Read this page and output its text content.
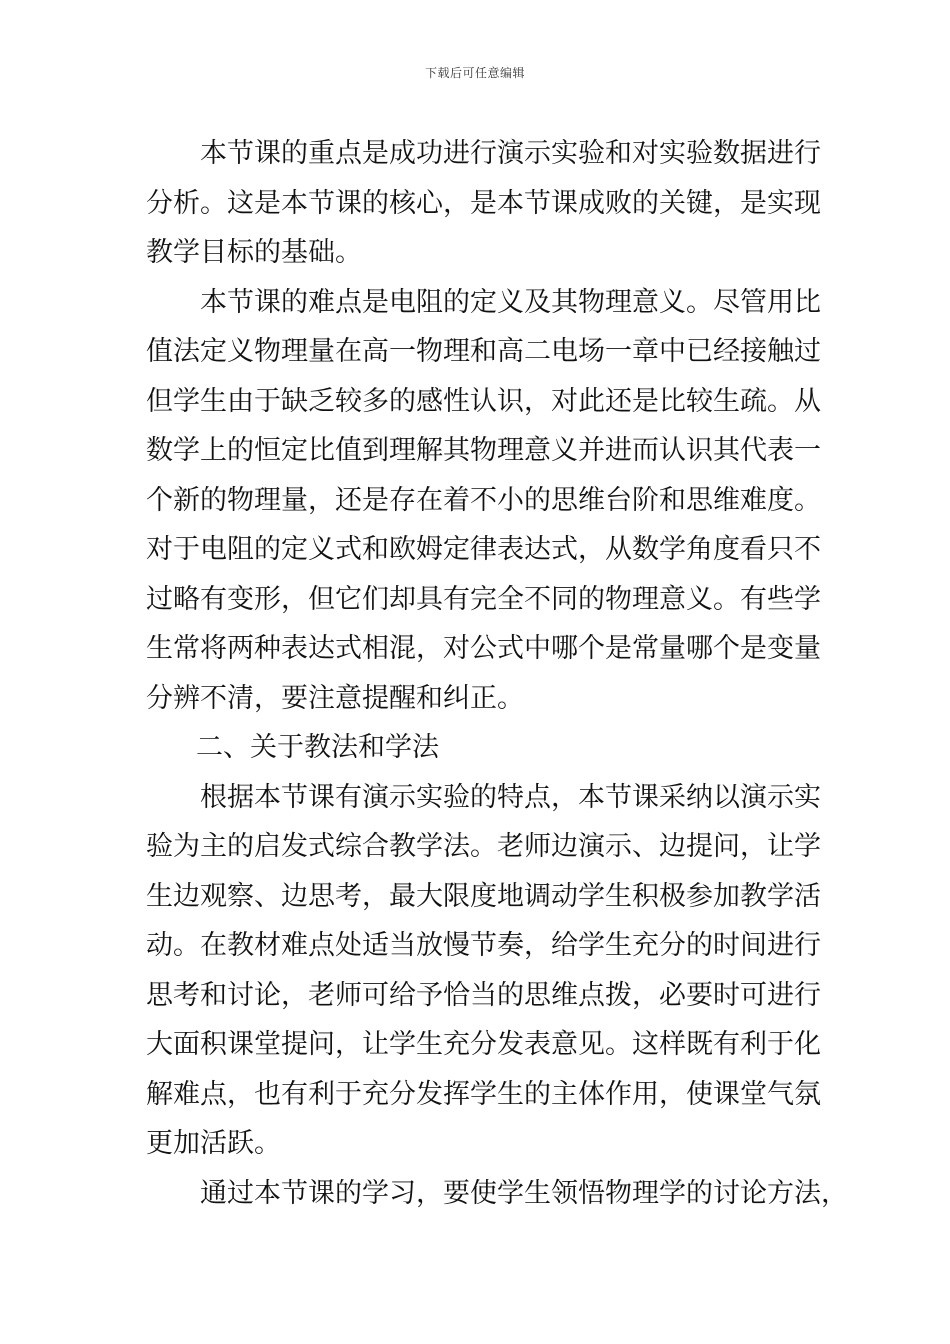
下载后可任意编辑
本节课的重点是成功进行演示实验和对实验数据进行
分析。这是本节课的核心，是本节课成败的关键，是实现
教学目标的基础。
本节课的难点是电阻的定义及其物理意义。尽管用比
值法定义物理量在高一物理和高二电场一章中已经接触过
但学生由于缺乏较多的感性认识，对此还是比较生疏。从
数学上的恒定比值到理解其物理意义并进而认识其代表一
个新的物理量，还是存在着不小的思维台阶和思维难度。
对于电阻的定义式和欧姆定律表达式，从数学角度看只不
过略有变形，但它们却具有完全不同的物理意义。有些学
生常将两种表达式相混，对公式中哪个是常量哪个是变量
分辨不清，要注意提醒和纠正。
二、关于教法和学法
根据本节课有演示实验的特点，本节课采纳以演示实
验为主的启发式综合教学法。老师边演示、边提问，让学
生边观察、边思考，最大限度地调动学生积极参加教学活
动。在教材难点处适当放慢节奏，给学生充分的时间进行
思考和讨论，老师可给予恰当的思维点拨，必要时可进行
大面积课堂提问，让学生充分发表意见。这样既有利于化
解难点，也有利于充分发挥学生的主体作用，使课堂气氛
更加活跃。
通过本节课的学习，要使学生领悟物理学的讨论方法，
